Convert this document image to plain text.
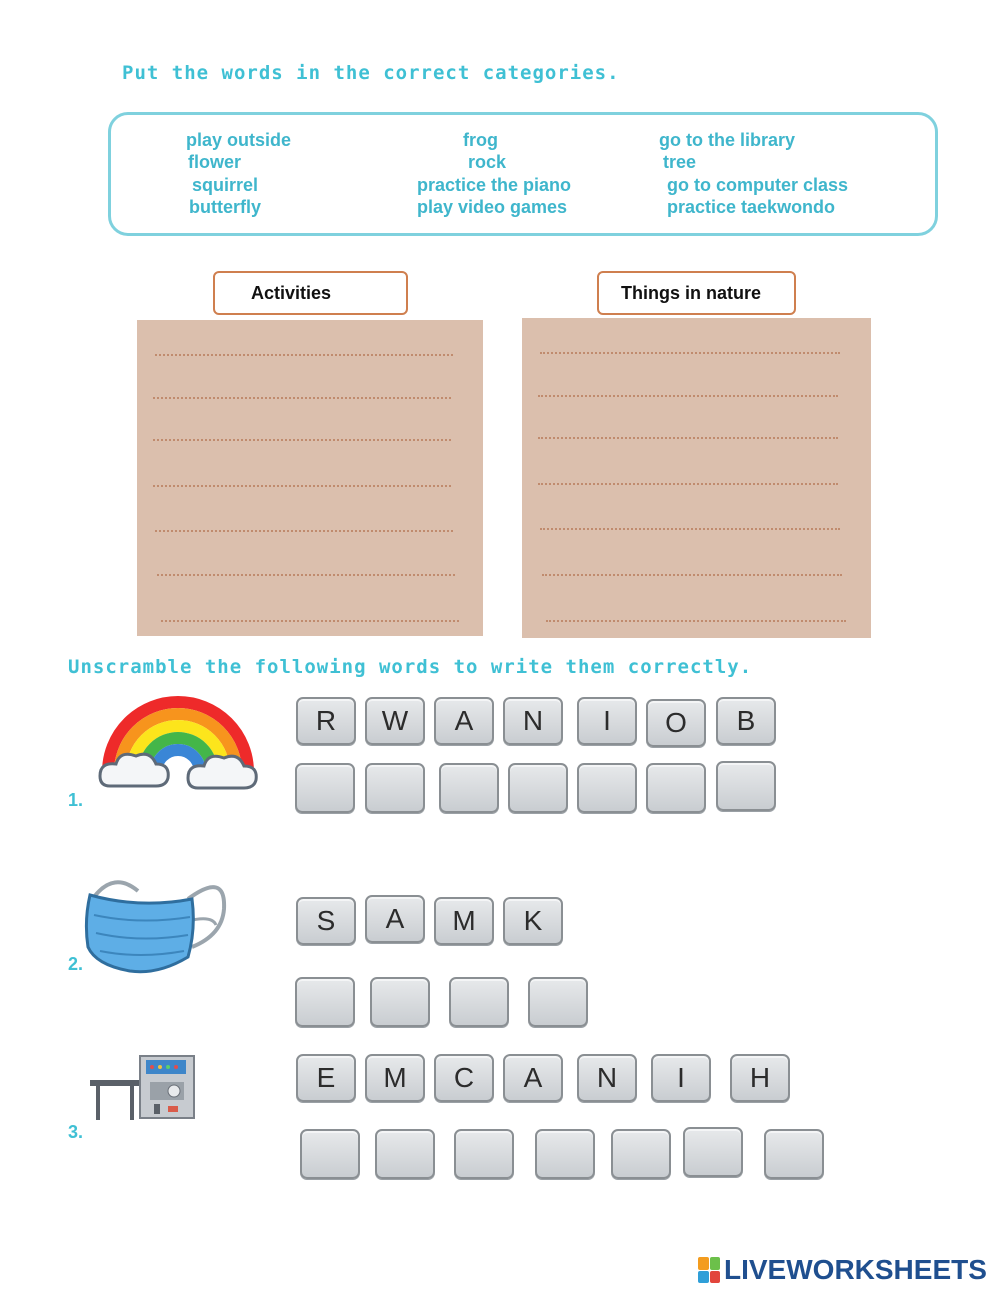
Put the words in the correct categories.

play outside
flower
squirrel
butterfly
frog
rock
practice the piano
play video games
go to the library
tree
go to computer class
practice taekwondo
Activities	Things in nature

Unscramble the following words to write them correctly.

1.
R	W	A	N	I	O	B
2.
S	A	M	K
3.
E	M	C	A	N	I	H
LIVEWORKSHEETS
